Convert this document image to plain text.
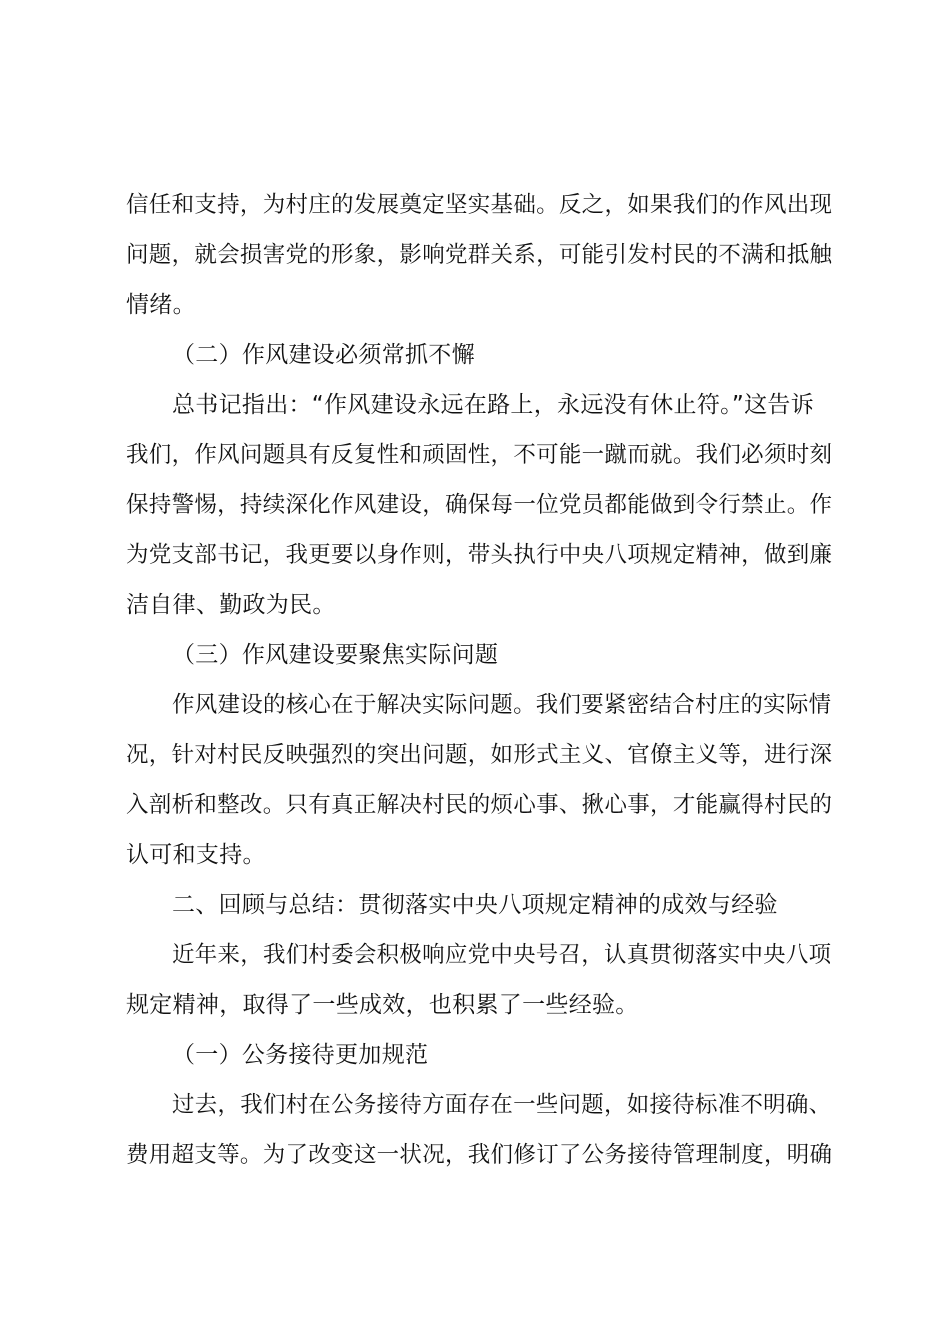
信任和支持，为村庄的发展奠定坚实基础。反之，如果我们的作风出现
问题，就会损害党的形象，影响党群关系，可能引发村民的不满和抵触
情绪。
（二）作风建设必须常抓不懈
总书记指出：“作风建设永远在路上，永远没有休止符。”这告诉
我们，作风问题具有反复性和顽固性，不可能一蹴而就。我们必须时刻
保持警惕，持续深化作风建设，确保每一位党员都能做到令行禁止。作
为党支部书记，我更要以身作则，带头执行中央八项规定精神，做到廉
洁自律、勤政为民。
（三）作风建设要聚焦实际问题
作风建设的核心在于解决实际问题。我们要紧密结合村庄的实际情
况，针对村民反映强烈的突出问题，如形式主义、官僚主义等，进行深
入剖析和整改。只有真正解决村民的烦心事、揪心事，才能赢得村民的
认可和支持。
二、回顾与总结：贯彻落实中央八项规定精神的成效与经验
近年来，我们村委会积极响应党中央号召，认真贯彻落实中央八项
规定精神，取得了一些成效，也积累了一些经验。
（一）公务接待更加规范
过去，我们村在公务接待方面存在一些问题，如接待标准不明确、
费用超支等。为了改变这一状况，我们修订了公务接待管理制度，明确
